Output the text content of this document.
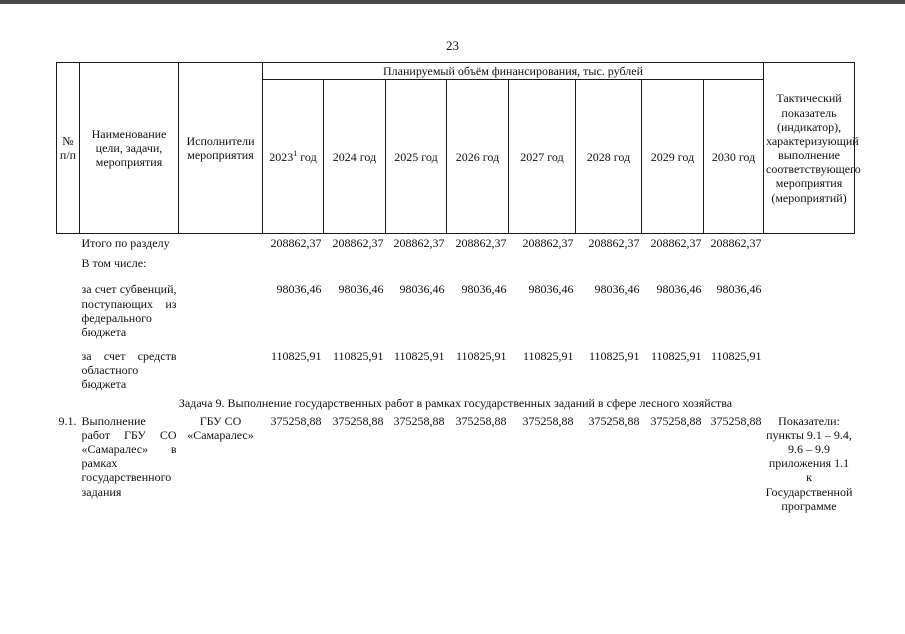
23
№ п/п	Наименование цели, задачи, мероприятия	Исполнители мероприятия	Планируемый объём финансирования, тыс. рублей								Тактический показатель (индикатор), характеризующий выполнение соответствующего мероприятия (мероприятий)
			2023$^1$ год	2024 год	2025 год	2026 год	2027 год	2028 год	2029 год	2030 год	
	Итого по разделу		208862,37	208862,37	208862,37	208862,37	208862,37	208862,37	208862,37	208862,37	
	В том числе:										
	за счет субвенций, поступающих из федерального бюджета		98036,46	98036,46	98036,46	98036,46	98036,46	98036,46	98036,46	98036,46	
	за счет средств областного бюджета		110825,91	110825,91	110825,91	110825,91	110825,91	110825,91	110825,91	110825,91	
Задача 9. Выполнение государственных работ в рамках государственных заданий в сфере лесного хозяйства											
9.1.	Выполнение работ ГБУ СО «Самаралес» в рамках государственного задания	ГБУ СО «Самаралес»	375258,88	375258,88	375258,88	375258,88	375258,88	375258,88	375258,88	375258,88	Показатели: пункты 9.1 – 9.4, 9.6 – 9.9 приложения 1.1 к Государственной программе
